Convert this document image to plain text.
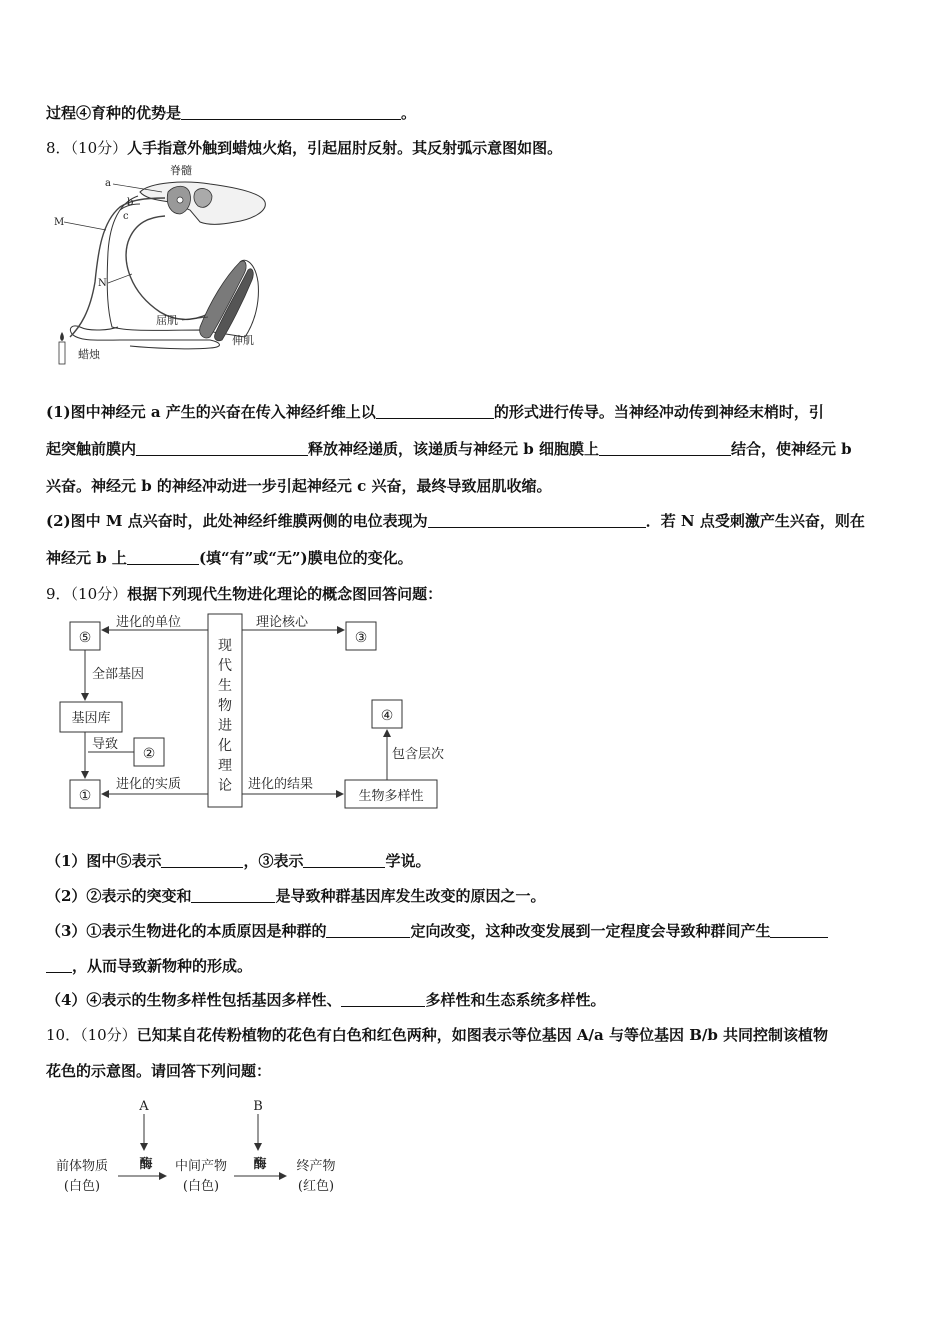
过程④育种的优势是	。
8．（10分）人手指意外触到蜡烛火焰，引起屈肘反射。其反射弧示意图如图。
脊髓
a
b
c
M
N
屈肌
伸肌
蜡烛
(1)图中神经元 a 产生的兴奋在传入神经纤维上以	的形式进行传导。当神经冲动传到神经末梢时，引
起突触前膜内	释放神经递质，该递质与神经元 b 细胞膜上	结合，使神经元 b
兴奋。神经元 b 的神经冲动进一步引起神经元 c 兴奋，最终导致屈肌收缩。
(2)图中 M 点兴奋时，此处神经纤维膜两侧的电位表现为	．若 N 点受刺激产生兴奋，则在
神经元 b 上	(填“有”或“无”)膜电位的变化。
9．（10分）根据下列现代生物进化理论的概念图回答问题：
⑤	③
基因库
②
①
④
生物多样性
现
代
生
物
进
化
理
论
进化的单位	理论核心
全部基因
导致
进化的实质	进化的结果
包含层次
（1）图中⑤表示	，③表示	学说。
（2）②表示的突变和	是导致种群基因库发生改变的原因之一。
（3）①表示生物进化的本质原因是种群的	定向改变，这种改变发展到一定程度会导致种群间产生
，从而导致新物种的形成。
（4）④表示的生物多样性包括基因多样性、	多样性和生态系统多样性。
10．（10分）已知某自花传粉植物的花色有白色和红色两种，如图表示等位基因 A/a 与等位基因 B/b 共同控制该植物
花色的示意图。请回答下列问题：
A	B
酶	酶
前体物质
(白色)
中间产物
(白色)
终产物
(红色)
